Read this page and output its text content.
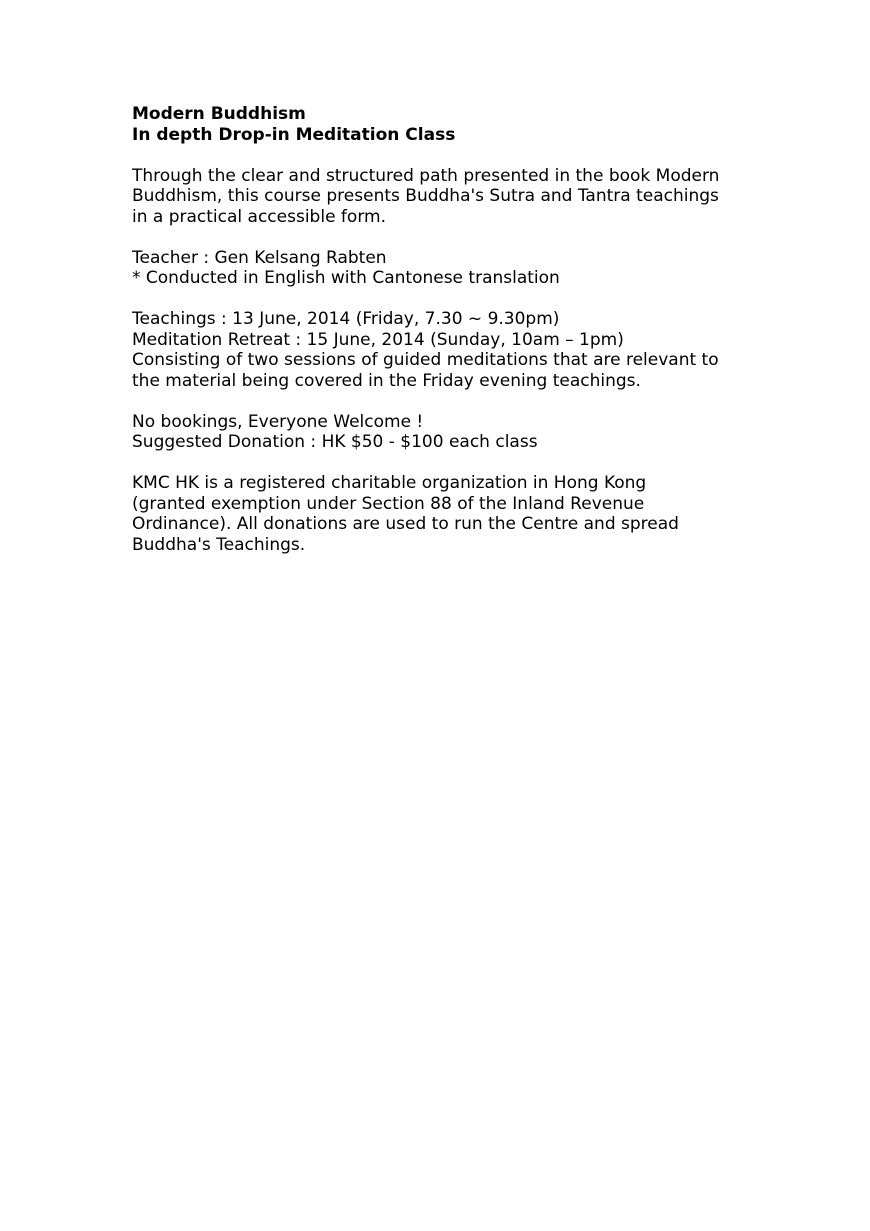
Modern Buddhism
In depth Drop-in Meditation Class
Through the clear and structured path presented in the book Modern
Buddhism, this course presents Buddha's Sutra and Tantra teachings
in a practical accessible form.
Teacher : Gen Kelsang Rabten
* Conducted in English with Cantonese translation
Teachings : 13 June, 2014 (Friday, 7.30 ~ 9.30pm)
Meditation Retreat : 15 June, 2014 (Sunday, 10am – 1pm)
Consisting of two sessions of guided meditations that are relevant to
the material being covered in the Friday evening teachings.
No bookings, Everyone Welcome !
Suggested Donation : HK $50 - $100 each class
KMC HK is a registered charitable organization in Hong Kong
(granted exemption under Section 88 of the Inland Revenue
Ordinance). All donations are used to run the Centre and spread
Buddha's Teachings.
